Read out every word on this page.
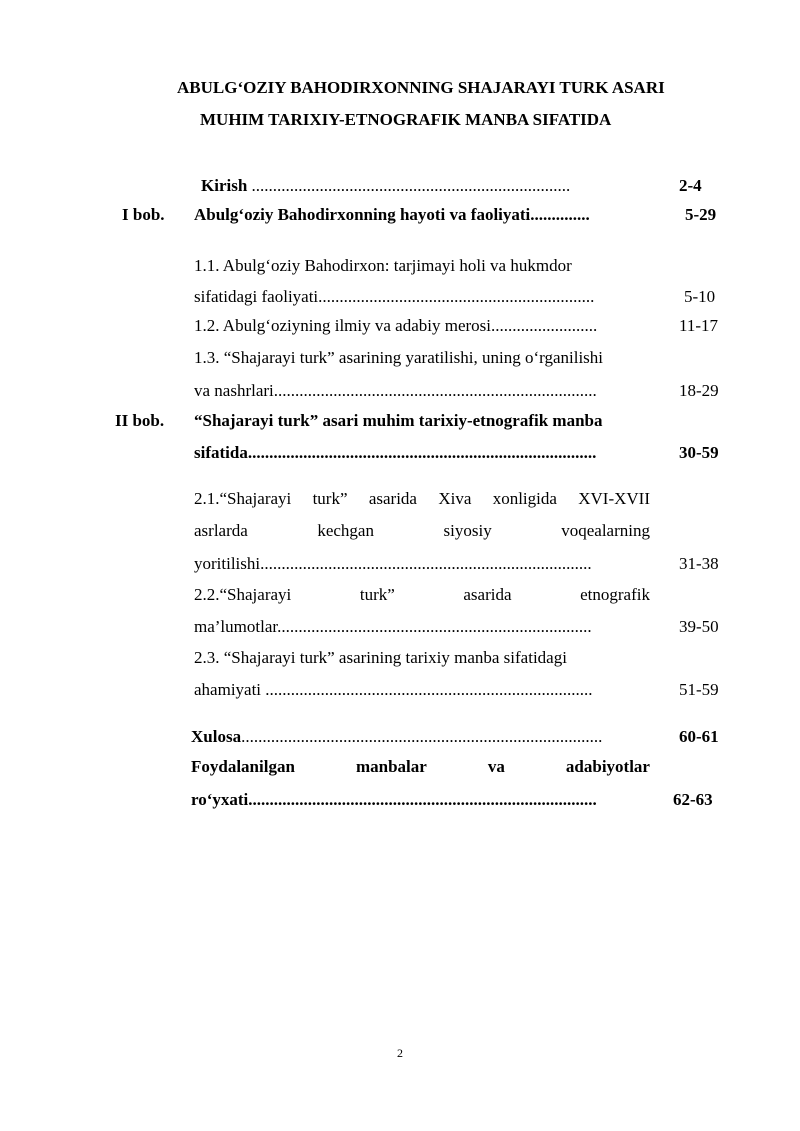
ABULG‘OZIY BAHODIRXONNING SHAJARAYI TURK ASARI
MUHIM TARIXIY-ETNOGRAFIK MANBA SIFATIDA
Kirish ...........................................................................	2-4
I bob. Abulg‘oziy Bahodirxonning hayoti va faoliyati..............	5-29
1.1. Abulg‘oziy Bahodirxon: tarjimayi holi va hukmdor
sifatidagi faoliyati.................................................................	5-10
1.2. Abulg‘oziyning ilmiy va adabiy merosi.........................	11-17
1.3. “Shajarayi turk” asarining yaratilishi, uning o‘rganilishi
va nashrlari............................................................................	18-29
II bob. “Shajarayi turk” asari muhim tarixiy-etnografik manba
sifatida..................................................................................	30-59
2.1.“Shajarayi turk” asarida Xiva xonligida XVI-XVII
asrlarda	kechgan	siyosiy	voqealarning
yoritilishi..............................................................................	31-38
2.2.“Shajarayi	turk”	asarida	etnografik
ma’lumotlar..........................................................................	39-50
2.3. “Shajarayi turk” asarining tarixiy manba sifatidagi
ahamiyati .............................................................................	51-59
Xulosa.....................................................................................	60-61
Foydalanilgan	manbalar	va	adabiyotlar
ro‘yxati..................................................................................	62-63
2
